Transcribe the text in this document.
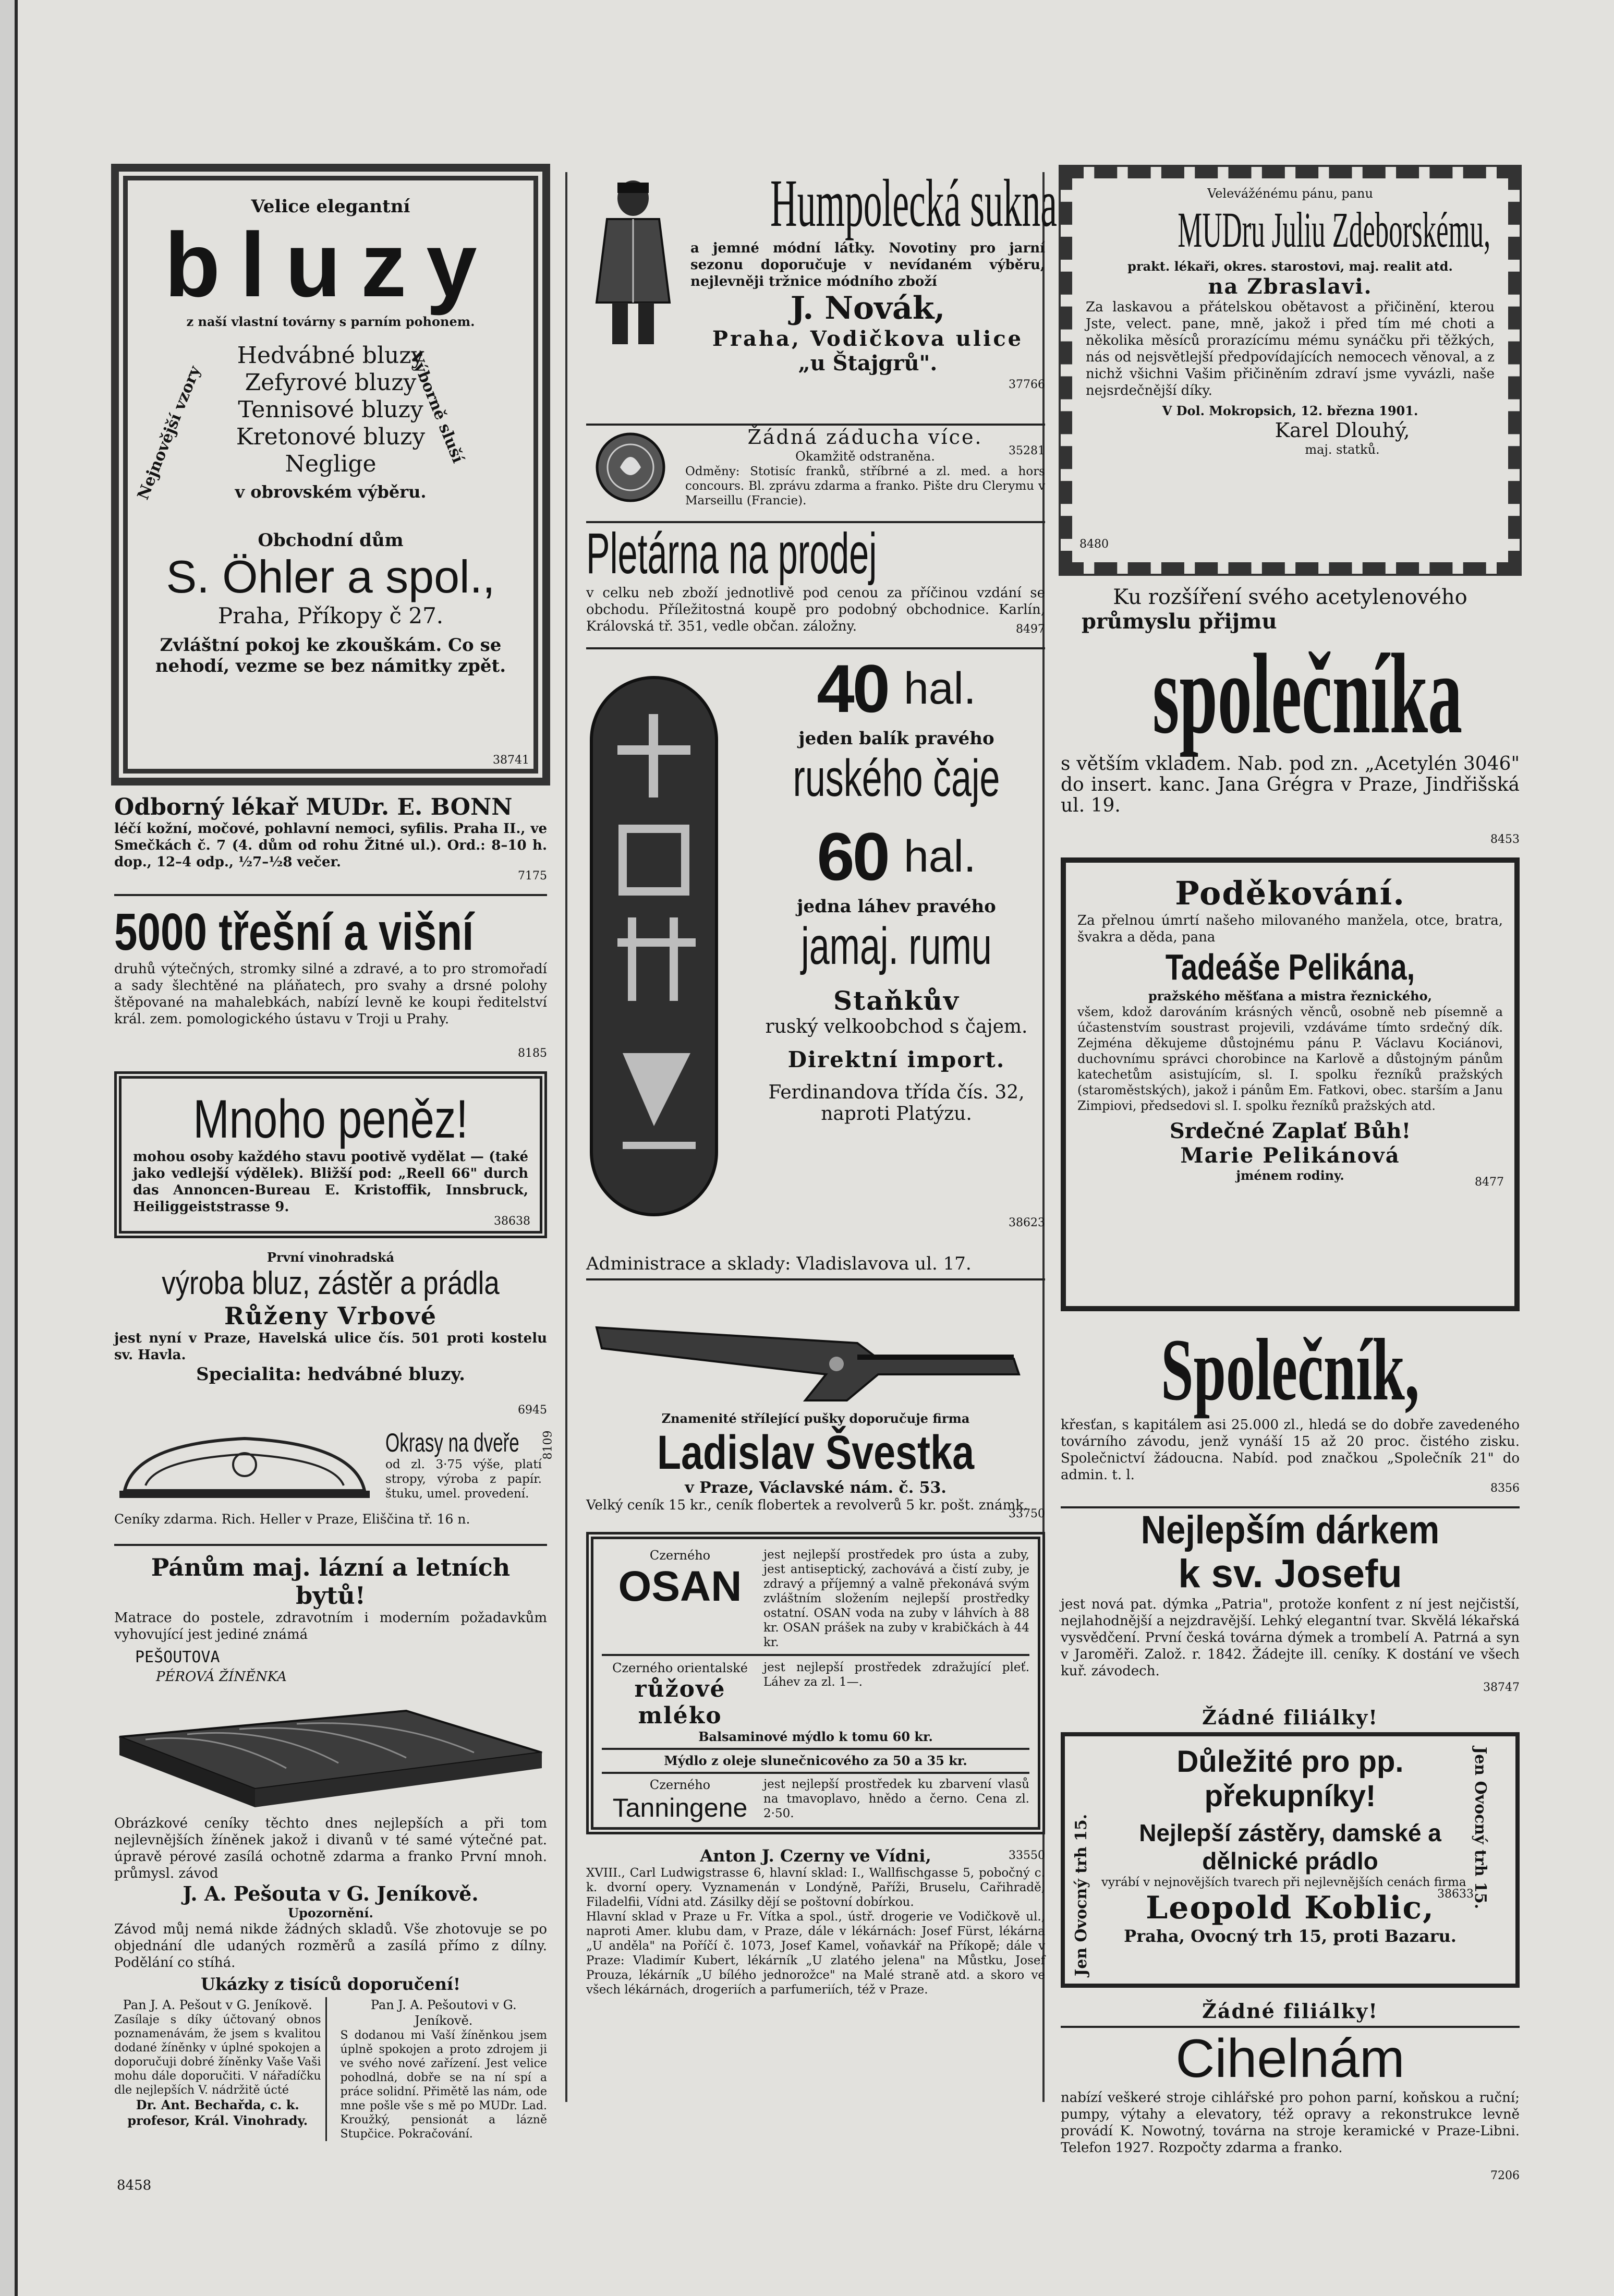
Velice elegantní
bluzy
z naší vlastní továrny s parním pohonem.
Nejnovější vzory	Výborně sluší
Hedvábné bluzy
Zefyrové bluzy
Tennisové bluzy
Kretonové bluzy
Neglige
v obrovském výběru.
Obchodní dům
S. Öhler a spol.,
Praha, Příkopy č 27.
Zvláštní pokoj ke zkouškám. Co se nehodí, vezme se bez námitky zpět.
38741
Odborný lékař MUDr. E. BONN

léčí kožní, močové, pohlavní nemoci, syfilis. Praha II., ve Smečkách č. 7 (4. dům od rohu Žitné ul.). Ord.: 8–10 h. dop., 12–4 odp., ½7–½8 večer.

7175
5000 třešní a višní

druhů výtečných, stromky silné a zdravé, a to pro stromořadí a sady šlechtěné na pláňatech, pro svahy a drsné polohy štěpované na mahalebkách, nabízí levně ke koupi ředitelství král. zem. pomologického ústavu v Troji u Prahy.

8185
Mnoho peněz!

mohou osoby každého stavu pootivě vydělat — (také jako vedlejší výdělek). Bližší pod: „Reell 66" durch das Annoncen-Bureau E. Kristoffik, Innsbruck, Heiliggeiststrasse 9.

38638
První vinohradská
výroba bluz, zástěr a prádla
Růženy Vrbové

jest nyní v Praze, Havelská ulice čís. 501 proti kostelu sv. Havla.

Specialita: hedvábné bluzy.
6945
Okrasy na dveře

od zl. 3·75 výše, platí stropy, výroba z papír. štuku, umel. provedení.

Ceníky zdarma. Rich. Heller v Praze, Eliščina tř. 16 n.
8109
Pánům maj. lázní a letních bytů!

Matrace do postele, zdravotním i moderním požadavkům vyhovující jest jediné známá

PEŠOUTOVA
PÉROVÁ ŽÍNĚNKA

Obrázkové ceníky těchto dnes nejlepších a při tom nejlevnějších žíněnek jakož i divanů v té samé výtečné pat. úpravě pérové zasílá ochotně zdarma a franko První mnoh. průmysl. závod

J. A. Pešouta v G. Jeníkově.
Upozornění.

Závod můj nemá nikde žádných skladů. Vše zhotovuje se po objednání dle udaných rozměrů a zasílá přímo z dílny. Podělání co stíhá.

Ukázky z tisíců doporučení!
Pan J. A. Pešout v G. Jeníkově.

Zasílaje s díky účtovaný obnos poznamenávám, že jsem s kvalitou dodané žíněnky v úplné spokojen a doporučuji dobré žíněnky Vaše Vaši mohu dále doporučiti. V nářadíčku dle nejlepších V. nádržitě úcté

Dr. Ant. Bechařda, c. k. profesor, Král. Vinohrady.
Pan J. A. Pešoutovi v G. Jeníkově.

S dodanou mi Vaší žíněnkou jsem úplně spokojen a proto zdrojem ji ve svého nové zařízení. Jest velice pohodlná, dobře se na ní spí a práce solidní. Přimětě las nám, ode mne pošle vše s mě po MUDr. Lad. Kroužký, pensionát a lázně Stupčice. Pokračování.

8458
Humpolecká sukna

a jemné módní látky. Novotiny pro jarní sezonu doporučuje v nevídaném výběru, nejlevněji tržnice módního zboží

J. Novák,
Praha, Vodičkova ulice
„u Štajgrů".
37766
Žádná záducha více.
Okamžitě odstraněna.

Odměny: Stotisíc franků, stříbrné a zl. med. a hors concours. Bl. zprávu zdarma a franko. Pište dru Clerymu v Marseillu (Francie).

35281
Pletárna na prodej

v celku neb zboží jednotlivě pod cenou za příčinou vzdání se obchodu. Příležitostná koupě pro podobný obchodnice. Karlín, Královská tř. 351, vedle občan. záložny.	8497
40 hal.
jeden balík pravého
ruského čaje
60 hal.
jedna láhev pravého
jamaj. rumu
Staňkův
ruský velkoobchod s čajem.
Direktní import.
Ferdinandova třída čís. 32, naproti Platýzu.
38623
Administrace a sklady: Vladislavova ul. 17.
Znamenité střílející pušky doporučuje firma
Ladislav Švestka
v Praze, Václavské nám. č. 53.

Velký ceník 15 kr., ceník flobertek a revolverů 5 kr. pošt. známk.

33750
Czerného
OSAN

jest nejlepší prostředek pro ústa a zuby, jest antiseptický, zachovává a čistí zuby, je zdravý a příjemný a valně překonává svým zvláštním složením nejlepší prostředky ostatní. OSAN voda na zuby v láhvích à 88 kr. OSAN prášek na zuby v krabičkách à 44 kr.

Czerného orientalské
růžové mléko

jest nejlepší prostředek zdražující pleť. Láhev za zl. 1—.

Balsaminové mýdlo k tomu 60 kr.
Mýdlo z oleje slunečnicového za 50 a 35 kr.
Czerného
Tanningene

jest nejlepší prostředek ku zbarvení vlasů na tmavoplavo, hnědo a černo. Cena zl. 2·50.

Anton J. Czerny ve Vídni,	33550

XVIII., Carl Ludwigstrasse 6, hlavní sklad: I., Wallfischgasse 5, pobočný c. k. dvorní opery. Vyznamenán v Londýně, Paříži, Bruselu, Cařihradě, Filadelfii, Vídni atd. Zásilky dějí se poštovní dobírkou.

Hlavní sklad v Praze u Fr. Vítka a spol., ústř. drogerie ve Vodičkově ul., naproti Amer. klubu dam, v Praze, dále v lékárnách: Josef Fürst, lékárna „U anděla" na Poříčí č. 1073, Josef Kamel, voňavkář na Příkopě; dále v Praze: Vladimír Kubert, lékárník „U zlatého jelena" na Můstku, Josef Prouza, lékárník „U bílého jednorožce" na Malé straně atd. a skoro ve všech lékárnách, drogeriích a parfumeriích, též v Praze.

Velevážénému pánu, panu
MUDru Juliu Zdeborskému,
prakt. lékaři, okres. starostovi, maj. realit atd.
na Zbraslavi.

Za laskavou a přátelskou obětavost a přičinění, kterou Jste, velect. pane, mně, jakož i před tím mé choti a několika měsíců prorazícímu mému synáčku při těžkých, nás od nejsvětlejší předpovídajících nemocech věnoval, a z nichž všichni Vašim přičiněním zdraví jsme vyvázli, naše nejsrdečnější díky.

V Dol. Mokropsich, 12. března 1901.
Karel Dlouhý,
maj. statků.
8480
Ku rozšíření svého acetylenového
průmyslu přijmu
společníka

s větším vkladem. Nab. pod zn. „Acetylén 3046" do insert. kanc. Jana Grégra v Praze, Jindřišská ul. 19.

8453
Poděkování.

Za přelnou úmrtí našeho milovaného manžela, otce, bratra, švakra a děda, pana

Tadeáše Pelikána,
pražského měšťana a mistra řeznického,

všem, kdož darováním krásných věnců, osobně neb písemně a účastenstvím soustrast projevili, vzdáváme tímto srdečný dík. Zejména děkujeme důstojnému pánu P. Václavu Kociánovi, duchovnímu správci chorobince na Karlově a důstojným pánům katechetům asistujícím, sl. I. spolku řezníků pražských (staroměstských), jakož i pánům Em. Fatkovi, obec. starším a Janu Zimpiovi, předsedovi sl. I. spolku řezníků pražských atd.

Srdečné Zaplať Bůh!
Marie Pelikánová
jménem rodiny.	8477
Společník,

křesťan, s kapitálem asi 25.000 zl., hledá se do dobře zavedeného továrního závodu, jenž vynáší 15 až 20 proc. čistého zisku. Společnictví žádoucna. Nabíd. pod značkou „Společník 21" do admin. t. l.

8356
Nejlepším dárkem
k sv. Josefu

jest nová pat. dýmka „Patria", protože konfent z ní jest nejčistší, nejlahodnější a nejzdravější. Lehký elegantní tvar. Skvělá lékařská vysvědčení. První česká továrna dýmek a trombelí A. Patrná a syn v Jaroměři. Založ. r. 1842. Žádejte ill. ceníky. K dostání ve všech kuř. závodech.

38747
Žádné filiálky!
Jen Ovocný trh 15.	Jen Ovocný trh 15.
Důležité pro pp. překupníky!
Nejlepší zástěry, damské a dělnické prádlo

vyrábí v nejnovějších tvarech při nejlevnějších cenách firma

Leopold Koblic,
Praha, Ovocný trh 15, proti Bazaru.
38633
Žádné filiálky!
Cihelnám

nabízí veškeré stroje cihlářské pro pohon parní, koňskou a ruční; pumpy, výtahy a elevatory, též opravy a rekonstrukce levně provádí K. Nowotný, továrna na stroje keramické v Praze-Libni. Telefon 1927. Rozpočty zdarma a franko.

7206
